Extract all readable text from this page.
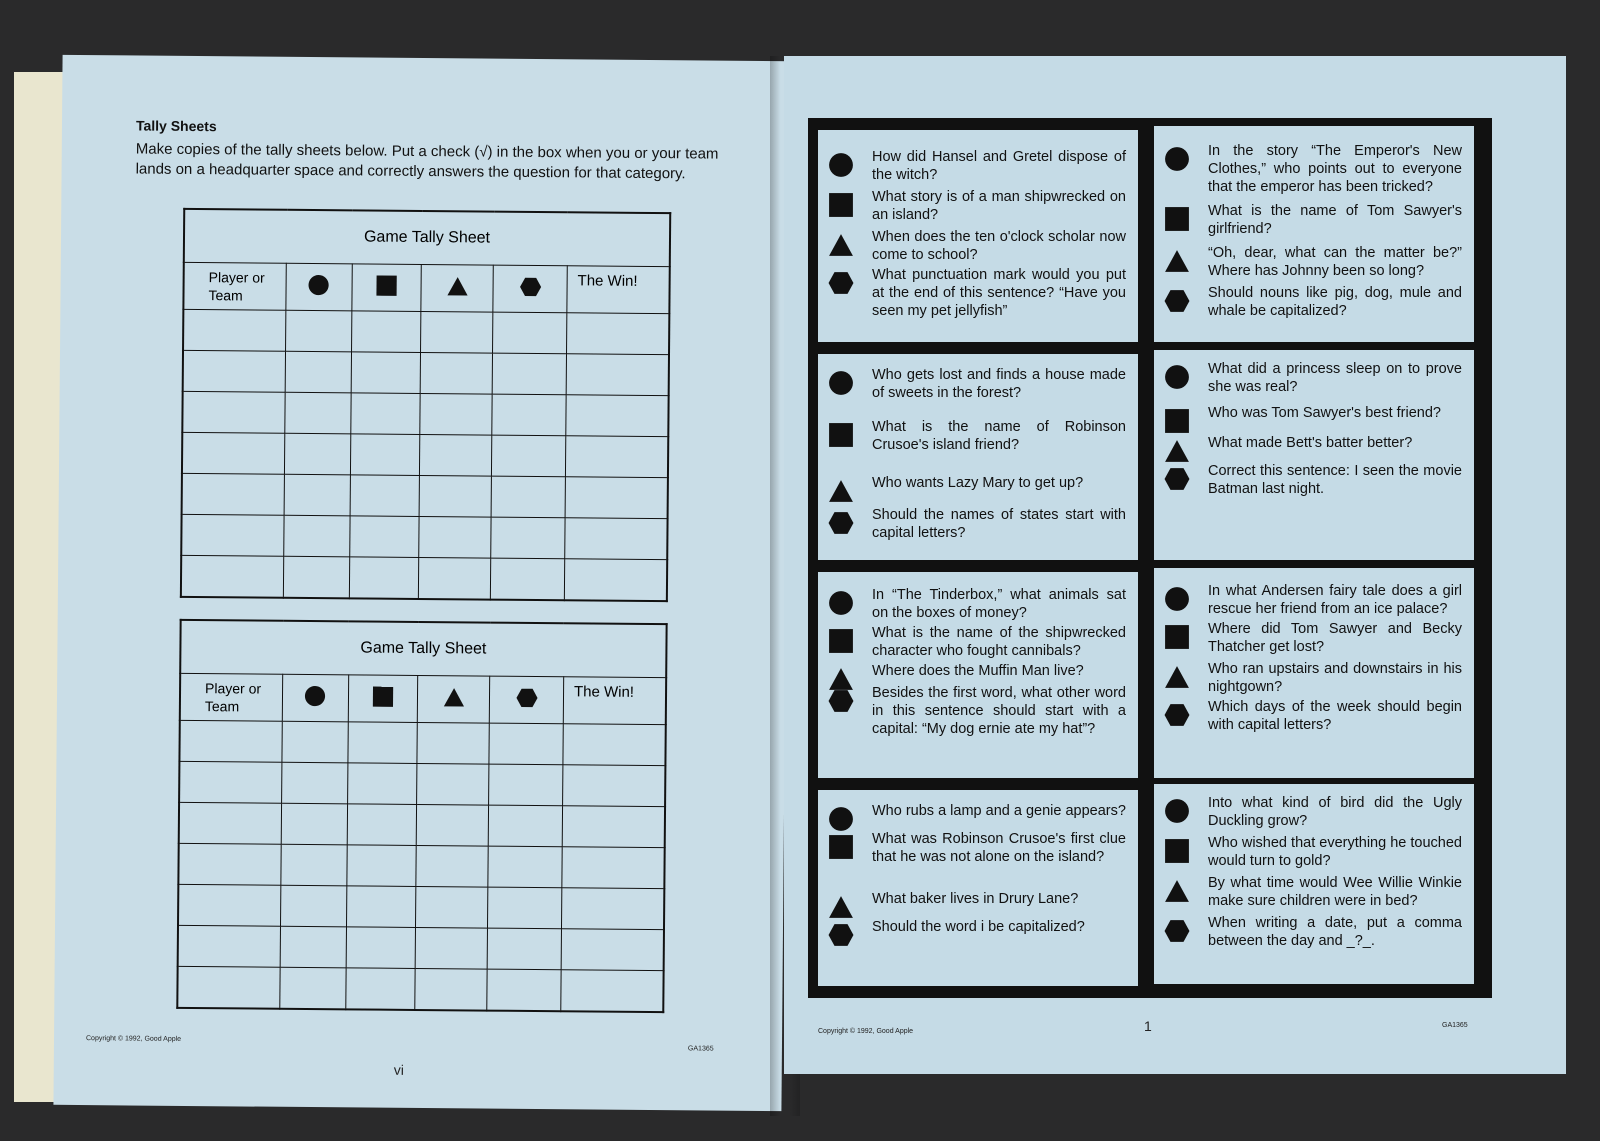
Tally Sheets
Make copies of the tally sheets below. Put a check (√) in the box when you or your team lands on a headquarter space and correctly answers the question for that category.
Game Tally Sheet					
Player or
Team					The Win!

Game Tally Sheet					
Player or
Team					The Win!

Copyright © 1992, Good Apple
GA1365
vi
How did Hansel and Gretel dispose of the witch?
What story is of a man shipwrecked on an island?
When does the ten o'clock scholar now come to school?
What punctuation mark would you put at the end of this sentence? “Have you seen my pet jellyfish”
In the story “The Emperor's New Clothes,” who points out to everyone that the emperor has been tricked?
What is the name of Tom Sawyer's girlfriend?
“Oh, dear, what can the matter be?” Where has Johnny been so long?
Should nouns like pig, dog, mule and whale be capitalized?
Who gets lost and finds a house made of sweets in the forest?
What is the name of Robinson Crusoe's island friend?
Who wants Lazy Mary to get up?
Should the names of states start with capital letters?
What did a princess sleep on to prove she was real?
Who was Tom Sawyer's best friend?
What made Bett's batter better?
Correct this sentence: I seen the movie Batman last night.
In “The Tinderbox,” what animals sat on the boxes of money?
What is the name of the shipwrecked character who fought cannibals?
Where does the Muffin Man live?
Besides the first word, what other word in this sentence should start with a capital: “My dog ernie ate my hat”?
In what Andersen fairy tale does a girl rescue her friend from an ice palace?
Where did Tom Sawyer and Becky Thatcher get lost?
Who ran upstairs and downstairs in his nightgown?
Which days of the week should begin with capital letters?
Who rubs a lamp and a genie appears?
What was Robinson Crusoe's first clue that he was not alone on the island?
What baker lives in Drury Lane?
Should the word i be capitalized?
Into what kind of bird did the Ugly Duckling grow?
Who wished that everything he touched would turn to gold?
By what time would Wee Willie Winkie make sure children were in bed?
When writing a date, put a comma between the day and _?_.
Copyright © 1992, Good Apple	1	GA1365
